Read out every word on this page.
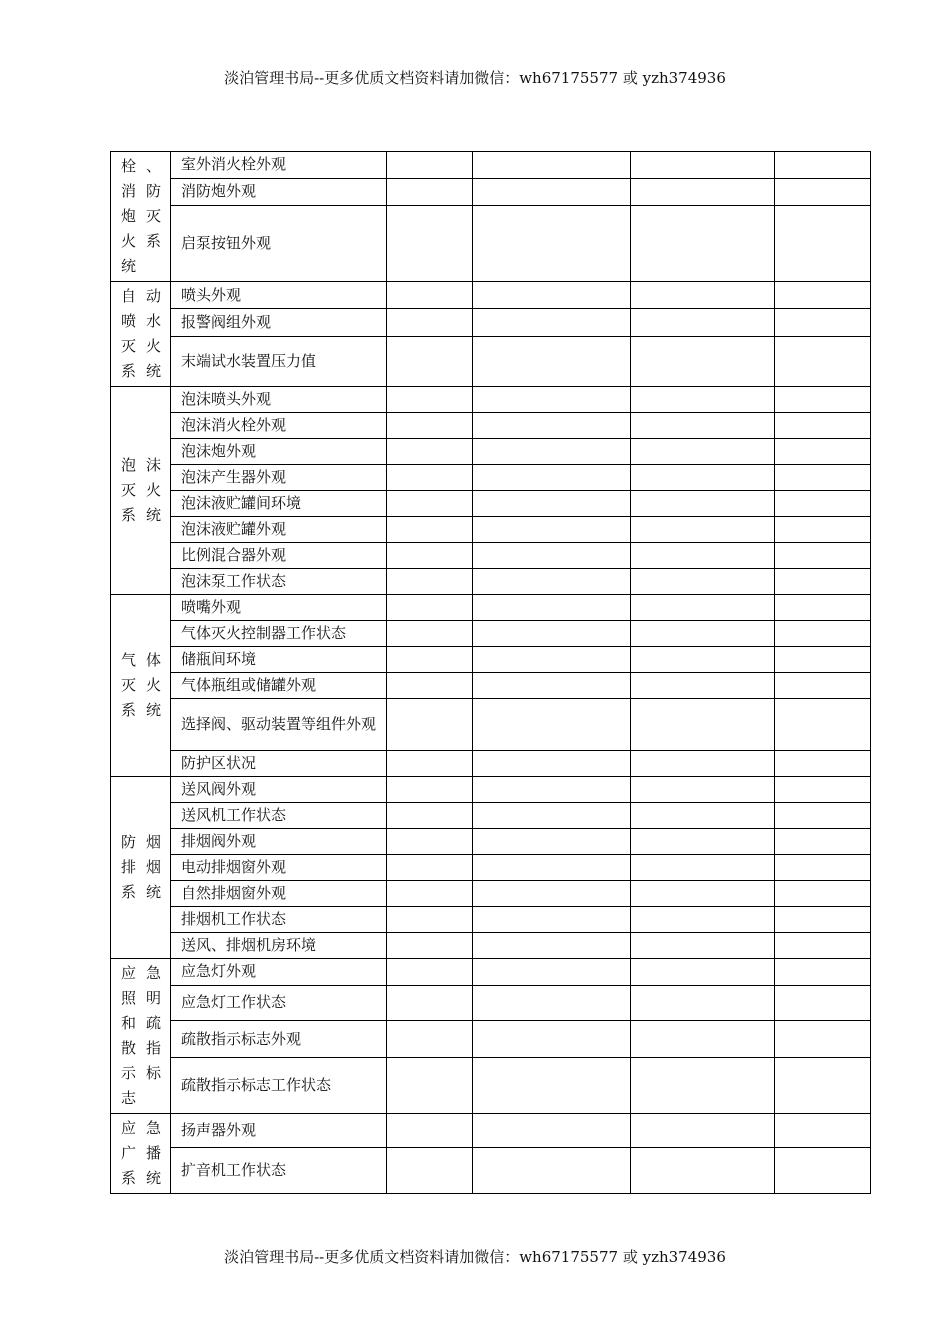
淡泊管理书局--更多优质文档资料请加微信：wh67175577 或 yzh374936
栓、消防炮灭火系统	室外消火栓外观				
	消防炮外观				
	启泵按钮外观				
自动喷水灭火系统	喷头外观				
	报警阀组外观				
	末端试水装置压力值				
泡沫灭火系统	泡沫喷头外观				
	泡沫消火栓外观				
	泡沫炮外观				
	泡沫产生器外观				
	泡沫液贮罐间环境				
	泡沫液贮罐外观				
	比例混合器外观				
	泡沫泵工作状态				
气体灭火系统	喷嘴外观				
	气体灭火控制器工作状态				
	储瓶间环境				
	气体瓶组或储罐外观				
	选择阀、驱动装置等组件外观				
	防护区状况				
防烟排烟系统	送风阀外观				
	送风机工作状态				
	排烟阀外观				
	电动排烟窗外观				
	自然排烟窗外观				
	排烟机工作状态				
	送风、排烟机房环境				
应急照明和疏散指示标志	应急灯外观				
	应急灯工作状态				
	疏散指示标志外观				
	疏散指示标志工作状态				
应急广播系统	扬声器外观				
	扩音机工作状态				
淡泊管理书局--更多优质文档资料请加微信：wh67175577 或 yzh374936
